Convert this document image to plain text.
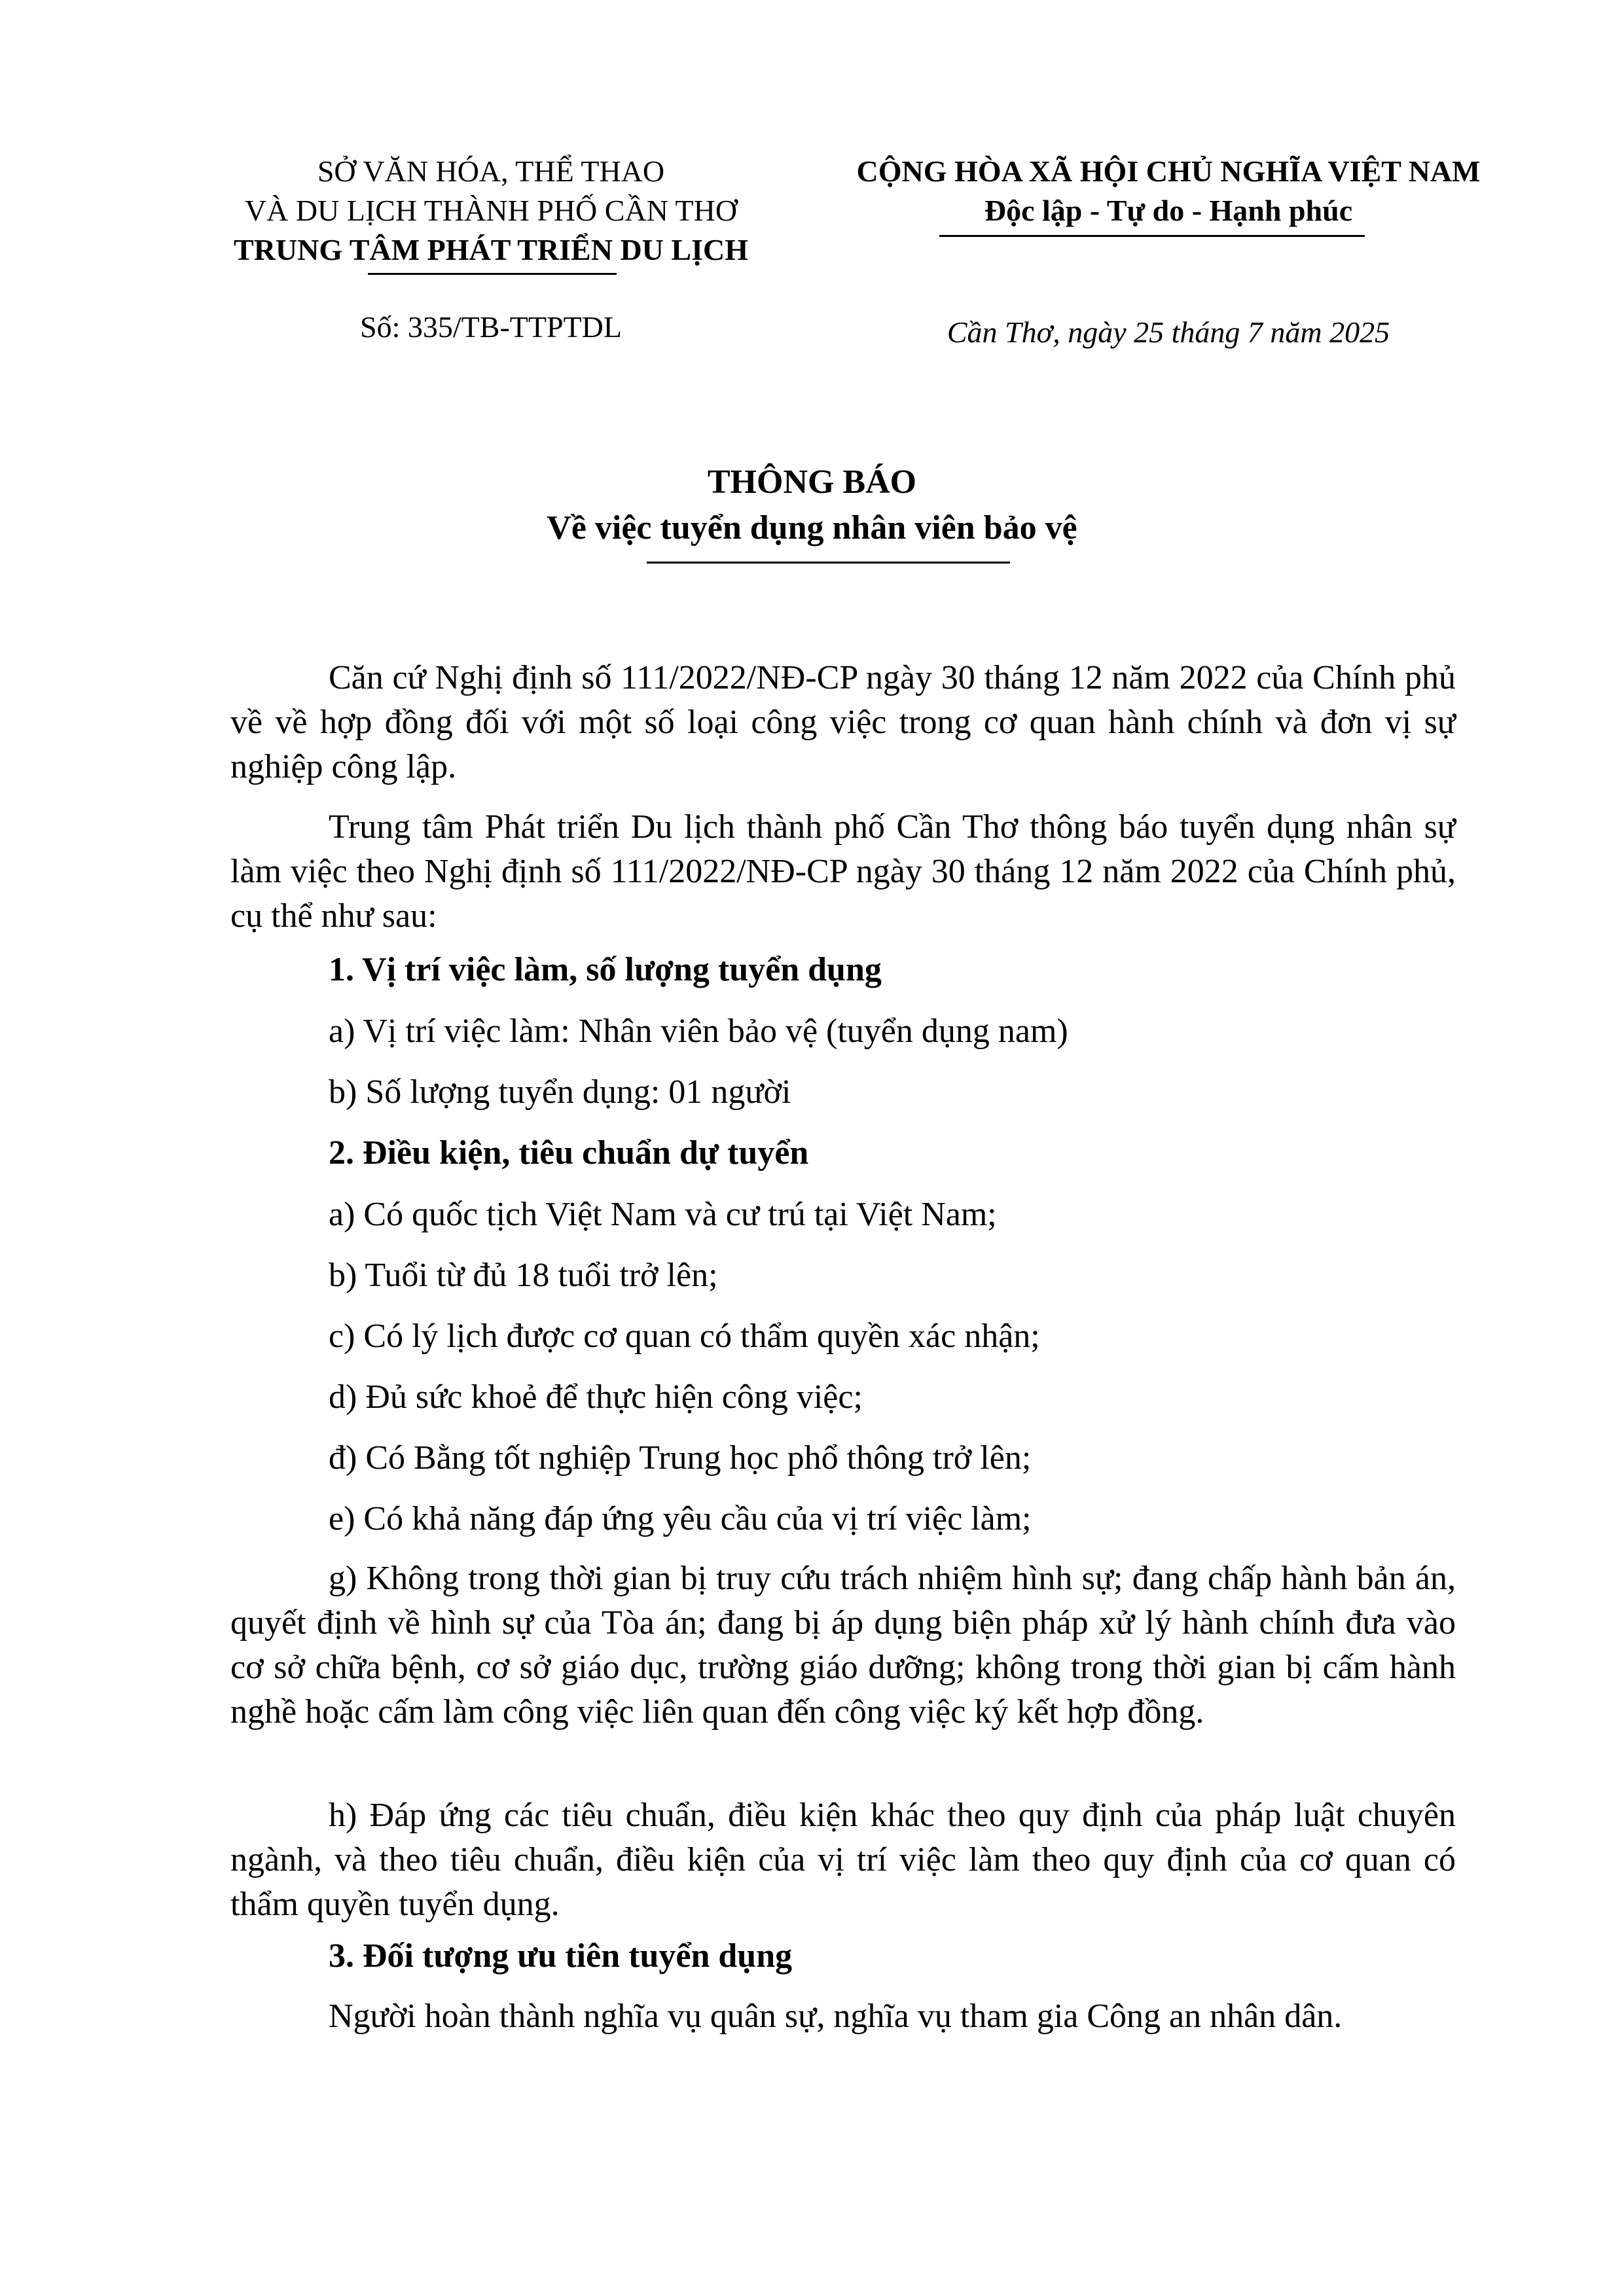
SỞ VĂN HÓA, THỂ THAO
VÀ DU LỊCH THÀNH PHỐ CẦN THƠ
TRUNG TÂM PHÁT TRIỂN DU LỊCH
Số: 335/TB-TTPTDL
CỘNG HÒA XÃ HỘI CHỦ NGHĨA VIỆT NAM
Độc lập - Tự do - Hạnh phúc
Cần Thơ, ngày 25 tháng 7 năm 2025
THÔNG BÁO
Về việc tuyển dụng nhân viên bảo vệ

Căn cứ Nghị định số 111/2022/NĐ-CP ngày 30 tháng 12 năm 2022 của Chính phủ về về hợp đồng đối với một số loại công việc trong cơ quan hành chính và đơn vị sự nghiệp công lập.

Trung tâm Phát triển Du lịch thành phố Cần Thơ thông báo tuyển dụng nhân sự làm việc theo Nghị định số 111/2022/NĐ-CP ngày 30 tháng 12 năm 2022 của Chính phủ, cụ thể như sau:

1. Vị trí việc làm, số lượng tuyển dụng

a) Vị trí việc làm: Nhân viên bảo vệ (tuyển dụng nam)

b) Số lượng tuyển dụng: 01 người

2. Điều kiện, tiêu chuẩn dự tuyển

a) Có quốc tịch Việt Nam và cư trú tại Việt Nam;

b) Tuổi từ đủ 18 tuổi trở lên;

c) Có lý lịch được cơ quan có thẩm quyền xác nhận;

d) Đủ sức khoẻ để thực hiện công việc;

đ) Có Bằng tốt nghiệp Trung học phổ thông trở lên;

e) Có khả năng đáp ứng yêu cầu của vị trí việc làm;

g) Không trong thời gian bị truy cứu trách nhiệm hình sự; đang chấp hành bản án, quyết định về hình sự của Tòa án; đang bị áp dụng biện pháp xử lý hành chính đưa vào cơ sở chữa bệnh, cơ sở giáo dục, trường giáo dưỡng; không trong thời gian bị cấm hành nghề hoặc cấm làm công việc liên quan đến công việc ký kết hợp đồng.

h) Đáp ứng các tiêu chuẩn, điều kiện khác theo quy định của pháp luật chuyên ngành, và theo tiêu chuẩn, điều kiện của vị trí việc làm theo quy định của cơ quan có thẩm quyền tuyển dụng.

3. Đối tượng ưu tiên tuyển dụng

Người hoàn thành nghĩa vụ quân sự, nghĩa vụ tham gia Công an nhân dân.
